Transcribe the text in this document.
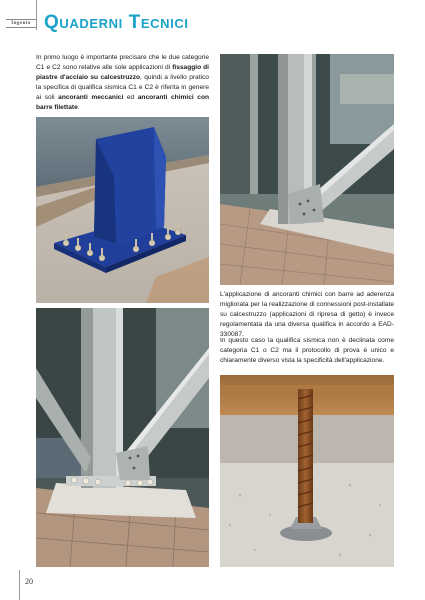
Ingenio Quaderni Tecnici
In primo luogo è importante precisare che le due categorie C1 e C2 sono relative alle sole applicazioni di fissaggio di piastre d'acciaio su calcestruzzo, quindi a livello pratico la specifica di qualifica sismica C1 e C2 è riferita in genere ai soli ancoranti meccanici ed ancoranti chimici con barre filettate.
L'applicazione di ancoranti chimici con barre ad aderenza migliorata per la realizzazione di connessioni post-installate su calcestruzzo (applicazioni di ripresa di getto) è invece regolamentata da una diversa qualifica in accordo a EAD-330087.
In questo caso la qualifica sismica non è declinata come categoria C1 o C2 ma il protocollo di prova è unico e chiaramente diverso vista la specificità dell'applicazione.
20
